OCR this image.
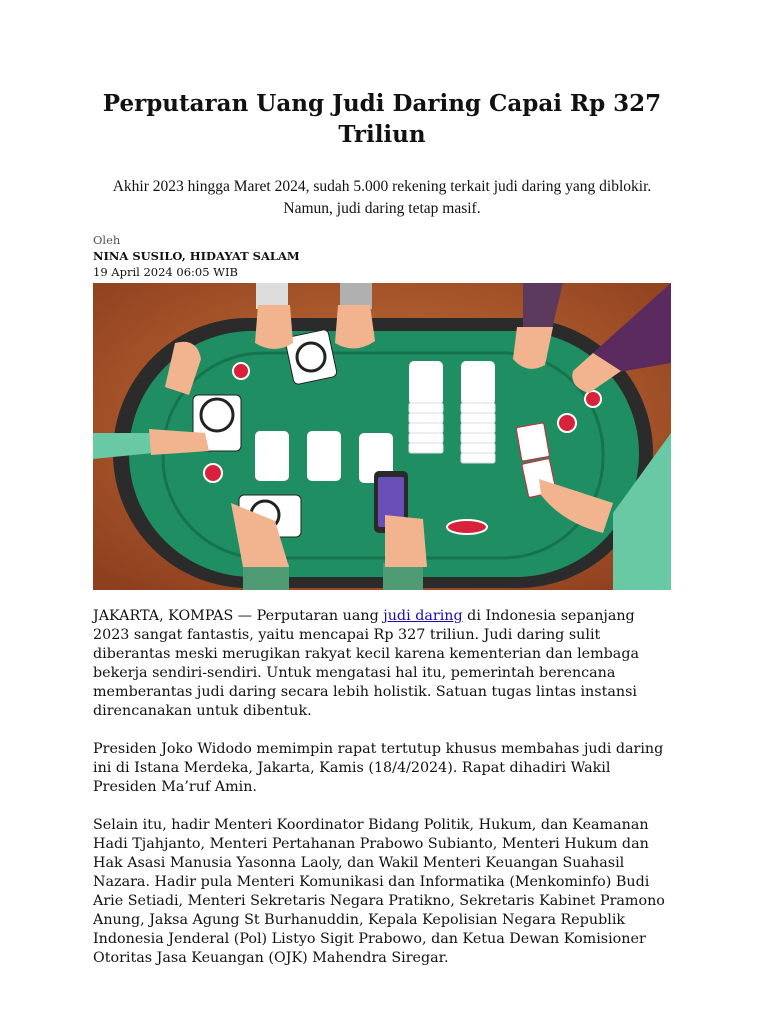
Perputaran Uang Judi Daring Capai Rp 327 Triliun

Akhir 2023 hingga Maret 2024, sudah 5.000 rekening terkait judi daring yang diblokir. Namun, judi daring tetap masif.

Oleh
NINA SUSILO, HIDAYAT SALAM
19 April 2024 06:05 WIB

JAKARTA, KOMPAS — Perputaran uang judi daring di Indonesia sepanjang 2023 sangat fantastis, yaitu mencapai Rp 327 triliun. Judi daring sulit diberantas meski merugikan rakyat kecil karena kementerian dan lembaga bekerja sendiri-sendiri. Untuk mengatasi hal itu, pemerintah berencana memberantas judi daring secara lebih holistik. Satuan tugas lintas instansi direncanakan untuk dibentuk.

Presiden Joko Widodo memimpin rapat tertutup khusus membahas judi daring ini di Istana Merdeka, Jakarta, Kamis (18/4/2024). Rapat dihadiri Wakil Presiden Ma’ruf Amin.

Selain itu, hadir Menteri Koordinator Bidang Politik, Hukum, dan Keamanan Hadi Tjahjanto, Menteri Pertahanan Prabowo Subianto, Menteri Hukum dan Hak Asasi Manusia Yasonna Laoly, dan Wakil Menteri Keuangan Suahasil Nazara. Hadir pula Menteri Komunikasi dan Informatika (Menkominfo) Budi Arie Setiadi, Menteri Sekretaris Negara Pratikno, Sekretaris Kabinet Pramono Anung, Jaksa Agung St Burhanuddin, Kepala Kepolisian Negara Republik Indonesia Jenderal (Pol) Listyo Sigit Prabowo, dan Ketua Dewan Komisioner Otoritas Jasa Keuangan (OJK) Mahendra Siregar.
